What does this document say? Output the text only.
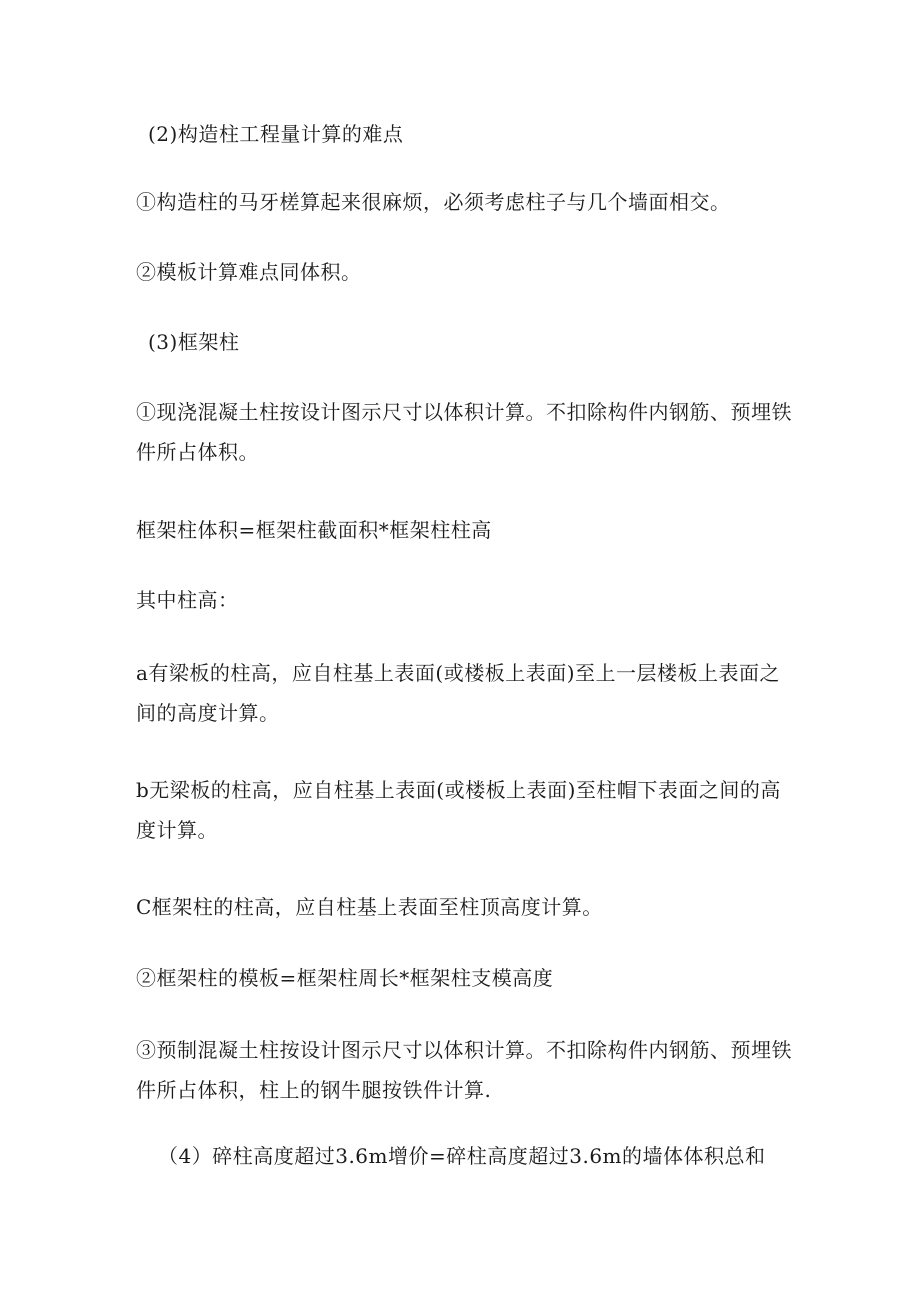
(2)构造柱工程量计算的难点

①构造柱的马牙槎算起来很麻烦，必须考虑柱子与几个墙面相交。

②模板计算难点同体积。

(3)框架柱

①现浇混凝土柱按设计图示尺寸以体积计算。不扣除构件内钢筋、预埋铁件所占体积。

框架柱体积=框架柱截面积*框架柱柱高

其中柱高：

a有梁板的柱高，应自柱基上表面(或楼板上表面)至上一层楼板上表面之间的高度计算。

b无梁板的柱高，应自柱基上表面(或楼板上表面)至柱帽下表面之间的高度计算。

C框架柱的柱高，应自柱基上表面至柱顶高度计算。

②框架柱的模板=框架柱周长*框架柱支模高度

③预制混凝土柱按设计图示尺寸以体积计算。不扣除构件内钢筋、预埋铁件所占体积，柱上的钢牛腿按铁件计算.

（4）碎柱高度超过3.6m增价=碎柱高度超过3.6m的墙体体积总和
